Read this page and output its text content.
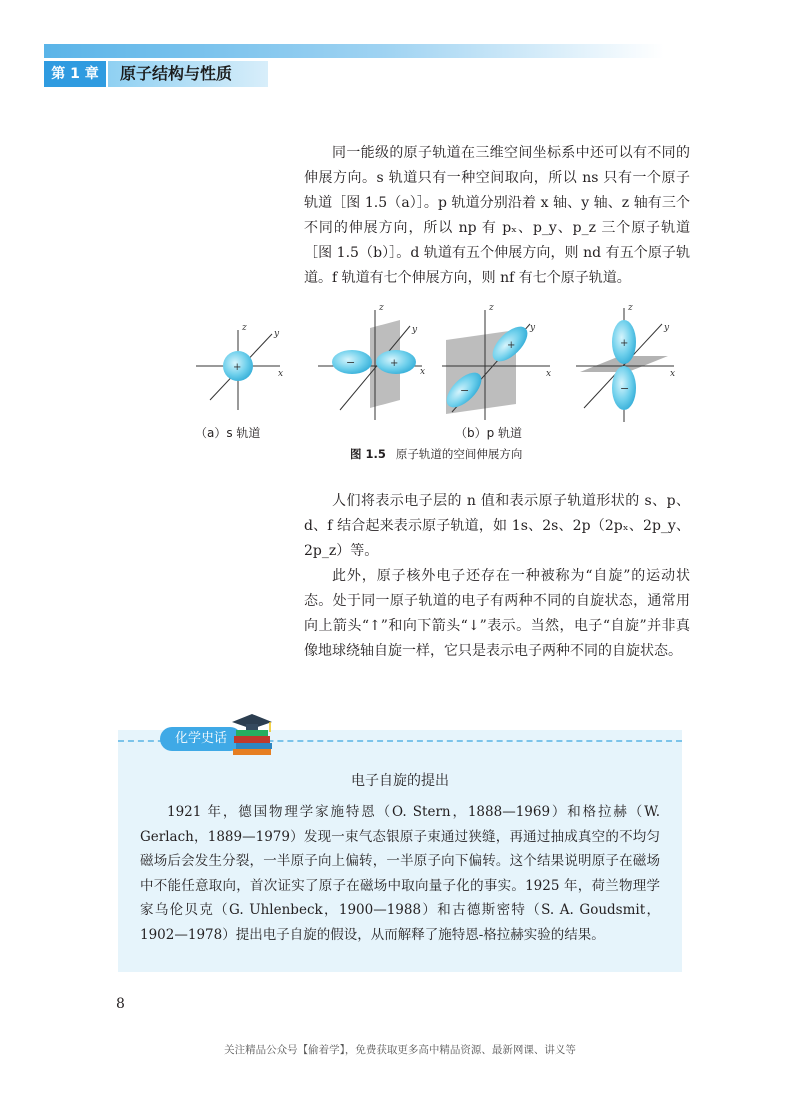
第 1 章	原子结构与性质

同一能级的原子轨道在三维空间坐标系中还可以有不同的伸展方向。s 轨道只有一种空间取向，所以 ns 只有一个原子轨道［图 1.5（a）］。p 轨道分别沿着 x 轴、y 轴、z 轴有三个不同的伸展方向，所以 np 有 pₓ、p_y、p_z 三个原子轨道［图 1.5（b）］。d 轨道有五个伸展方向，则 nd 有五个原子轨道。f 轨道有七个伸展方向，则 nf 有七个原子轨道。

+
z
y
x
−	+
z
y
x
+
−
z
y
x
+
−
z
y
x
（a）s 轨道	（b）p 轨道
图 1.5 原子轨道的空间伸展方向

人们将表示电子层的 n 值和表示原子轨道形状的 s、p、d、f 结合起来表示原子轨道，如 1s、2s、2p（2pₓ、2p_y、2p_z）等。

此外，原子核外电子还存在一种被称为“自旋”的运动状态。处于同一原子轨道的电子有两种不同的自旋状态，通常用向上箭头“↑”和向下箭头“↓”表示。当然，电子“自旋”并非真像地球绕轴自旋一样，它只是表示电子两种不同的自旋状态。

化学史话
电子自旋的提出

1921 年，德国物理学家施特恩（O. Stern，1888—1969）和格拉赫（W. Gerlach，1889—1979）发现一束气态银原子束通过狭缝，再通过抽成真空的不均匀磁场后会发生分裂，一半原子向上偏转，一半原子向下偏转。这个结果说明原子在磁场中不能任意取向，首次证实了原子在磁场中取向量子化的事实。1925 年，荷兰物理学家乌伦贝克（G. Uhlenbeck，1900—1988）和古德斯密特（S. A. Goudsmit，1902—1978）提出电子自旋的假设，从而解释了施特恩-格拉赫实验的结果。

8
关注精品公众号【偷着学】，免费获取更多高中精品资源、最新网课、讲义等
